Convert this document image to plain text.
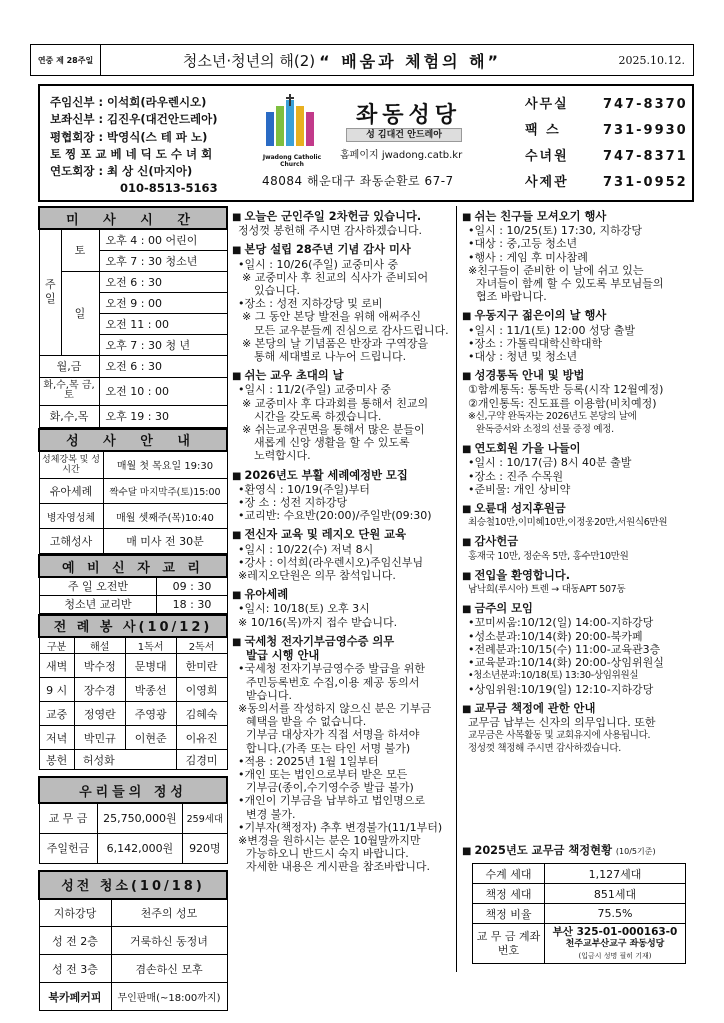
연중 제 28주일	청소년·청년의 해(2) “ 배움과 체험의 해”	2025.10.12.
주임신부 : 이석희(라우렌시오)
보좌신부 : 김진우(대건안드레아)
평협회장 : 박영식(스 테 파 노)
토 찡 포 교 베 네 딕 도 수 녀 회
연도회장 : 최 상 신(마지아)
010-8513-5163
Jwadong Catholic Church
좌동성당
성 김대건 안드레아
홈페이지 jwadong.catb.kr
48084 해운대구 좌동순환로 67-7
사무실	747-8370
팩 스	731-9930
수녀원	747-8371
사제관	731-0952
미 사 시 간		
주일	토	오후 4 : 00 어린이
		오후 7 : 30 청소년
	일	오전 6 : 30
		오전 9 : 00
		오전 11 : 00
		오후 7 : 30 청 년
월,금		오전 6 : 30
화,수,목 금,토		오전 10 : 00
화,수,목		오후 19 : 30
성 사 안 내	
성체강복 및 성시간	매월 첫 목요일 19:30
유아세례	짝수달 마지막주(토)15:00
병자영성체	매월 셋째주(목)10:40
고해성사	매 미사 전 30분
예 비 신 자 교 리	
주 일 오전반	09 : 30
청소년 교리반	18 : 30
전 례 봉 사(10/12)			
구분	해설	1독서	2독서
새벽	박수정	문병대	한미란
9 시	장수경	박종선	이영희
교중	정영란	주영광	김혜숙
저녁	박민규	이현준	이유진
봉헌	허성화		김경미
우리들의 정성		
교 무 금	25,750,000원	259세대
주일헌금	6,142,000원	920명
성전 청소(10/18)	
지하강당	천주의 성모
성 전 2층	거룩하신 동정녀
성 전 3층	겸손하신 모후
북카페커피	무인판매(~18:00까지)
■ 오늘은 군인주일 2차헌금 있습니다.

정성껏 봉헌해 주시면 감사하겠습니다.

■ 본당 설립 28주년 기념 감사 미사

•일시 : 10/26(주일) 교중미사 중

※ 교중미사 후 친교의 식사가 준비되어

있습니다.

•장소 : 성전 지하강당 및 로비

※ 그 동안 본당 발전을 위해 애써주신

모든 교우분들께 진심으로 감사드립니다.

※ 본당의 날 기념품은 반장과 구역장을

통해 세대별로 나누어 드립니다.

■ 쉬는 교우 초대의 날

•일시 : 11/2(주일) 교중미사 중

※ 교중미사 후 다과회를 통해서 친교의

시간을 갖도록 하겠습니다.

※ 쉬는교우권면을 통해서 많은 분들이

새롭게 신앙 생활을 할 수 있도록

노력합시다.

■ 2026년도 부활 세례예정반 모집

•환영식 : 10/19(주일)부터

•장 소 : 성전 지하강당

•교리반: 수요반(20:00)/주일반(09:30)

■ 전신자 교육 및 레지오 단원 교육

•일시 : 10/22(수) 저녁 8시

•강사 : 이석희(라우렌시오)주임신부님

※레지오단원은 의무 참석입니다.

■ 유아세례

•일시: 10/18(토) 오후 3시

※ 10/16(목)까지 접수 받습니다.

■ 국세청 전자기부금영수증 의무

발급 시행 안내

•국세청 전자기부금영수증 발급을 위한

주민등록번호 수집,이용 제공 동의서

받습니다.

※동의서를 작성하지 않으신 분은 기부금

혜택을 받을 수 없습니다.

기부금 대상자가 직접 서명을 하셔야

합니다.(가족 또는 타인 서명 불가)

•적용 : 2025년 1월 1일부터

•개인 또는 법인으로부터 받은 모든

기부금(종이,수기영수증 발급 불가)

•개인이 기부금을 납부하고 법인명으로

변경 불가.

•기부자(책정자) 추후 변경불가(11/1부터)

※변경을 원하시는 분은 10월말까지만

가능하오니 반드시 숙지 바랍니다.

자세한 내용은 게시판을 참조바랍니다.

■ 쉬는 친구들 모셔오기 행사

•일시 : 10/25(토) 17:30, 지하강당

•대상 : 중,고등 청소년

•행사 : 게임 후 미사참례

※친구들이 준비한 이 날에 쉬고 있는

자녀들이 함께 할 수 있도록 부모님들의

협조 바랍니다.

■ 우동지구 젊은이의 날 행사

•일시 : 11/1(토) 12:00 성당 출발

•장소 : 가톨릭대학신학대학

•대상 : 청년 및 청소년

■ 성경통독 안내 및 방법

①함께통독: 통독반 등록(시작 12월예정)

②개인통독: 진도표를 이용함(비치예정)

※신,구약 완독자는 2026년도 본당의 날에

완독증서와 소정의 선물 증정 예정.

■ 연도회원 가을 나들이

•일시 : 10/17(금) 8시 40분 출발

•장소 : 진주 수목원

•준비물: 개인 상비약

■ 오륜대 성지후원금

최승철10만,이미혜10만,이정웅20만,서원식6만원

■ 감사헌금

홍재국 10만, 정순옥 5만, 홍수만10만원

■ 전입을 환영합니다.

남낙희(루시아) 트렌 → 대동APT 507동

■ 금주의 모임

•꼬미씨움:10/12(일) 14:00-지하강당

•성소분과:10/14(화) 20:00-북카페

•전례분과:10/15(수) 11:00-교육관3층

•교육분과:10/14(화) 20:00-상임위원실

•청소년분과:10/18(토) 13:30-상임위원실

•상임위원:10/19(일) 12:10-지하강당

■ 교무금 책정에 관한 안내

교무금 납부는 신자의 의무입니다. 또한

교무금은 사목활동 및 교회유지에 사용됩니다.

정성껏 책정해 주시면 감사하겠습니다.

■ 2025년도 교무금 책정현황 (10/5기준)
수계 세대	1,127세대
책정 세대	851세대
책정 비율	75.5%
교 무 금 계좌번호	부산 325-01-000163-0
천주교부산교구 좌동성당
(입금시 성명 필히 기재)
